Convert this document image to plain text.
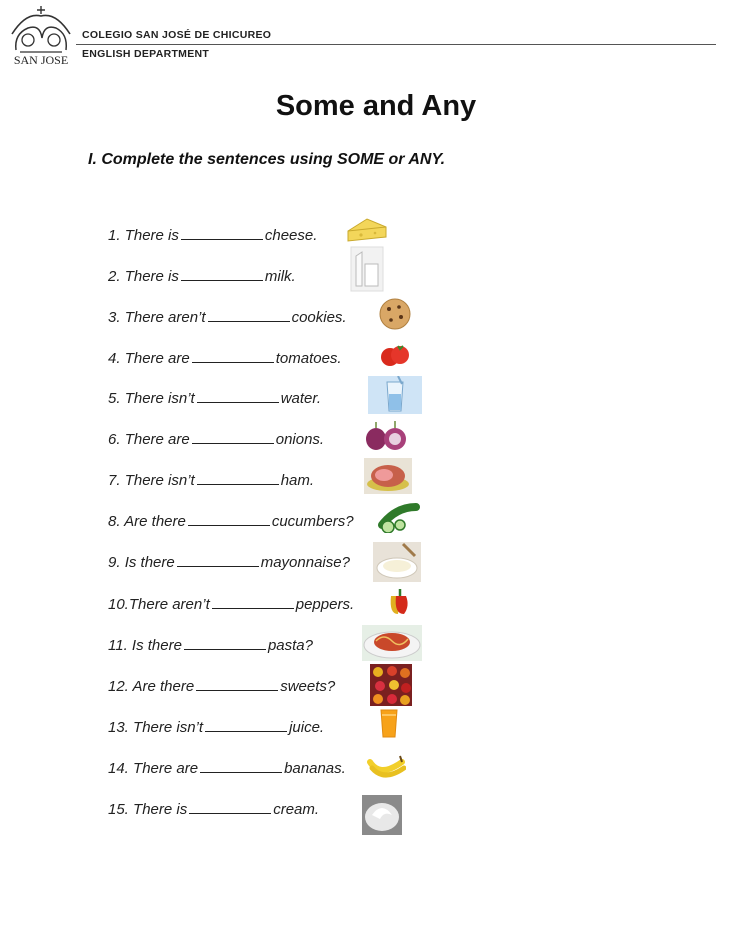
SAN JOSE
COLEGIO SAN JOSÉ DE CHICUREO
ENGLISH DEPARTMENT
Some and Any
I. Complete the sentences using SOME or ANY.
1. There is	cheese.
2. There is	milk.
3. There aren’t	cookies.
4. There are	tomatoes.
5. There isn’t	water.
6. There are	onions.
7. There isn’t	ham.
8. Are there	cucumbers?
9. Is there	mayonnaise?
10.There aren’t	peppers.
11. Is there	pasta?
12. Are there	sweets?
13. There isn’t	juice.
14. There are	bananas.
15. There is	cream.
